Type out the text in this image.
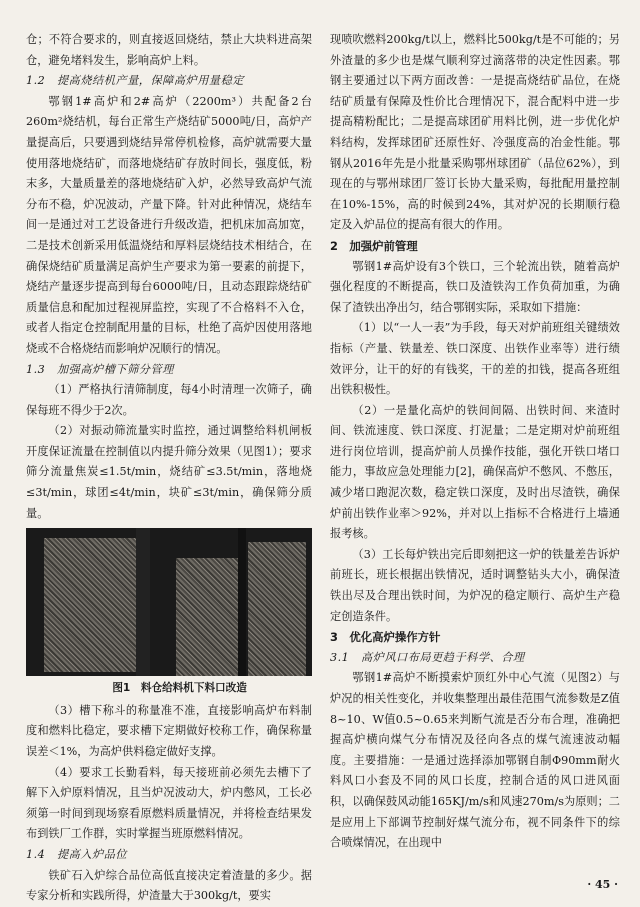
仓；不符合要求的，则直接返回烧结，禁止大块料进高架仓，避免堵料发生，影响高炉上料。

1.2　提高烧结机产量，保障高炉用量稳定

鄂钢1#高炉和2#高炉（2200m³）共配备2台260m²烧结机，每台正常生产烧结矿5000吨/日，高炉产量提高后，只要遇到烧结异常停机检修，高炉就需要大量使用落地烧结矿，而落地烧结矿存放时间长，强度低，粉末多，大量质量差的落地烧结矿入炉，必然导致高炉气流分布不稳，炉况波动，产量下降。针对此种情况，烧结车间一是通过对工艺设备进行升级改造，把机床加高加宽，二是技术创新采用低温烧结和厚料层烧结技术相结合，在确保烧结矿质量满足高炉生产要求为第一要素的前提下，烧结产量逐步提高到每台6000吨/日，且动态跟踪烧结矿质量信息和配加过程视屏监控，实现了不合格料不入仓，或者人指定仓控制配用量的目标，杜绝了高炉因使用落地烧或不合格烧结而影响炉况顺行的情况。

1.3　加强高炉槽下筛分管理

（1）严格执行清筛制度，每4小时清理一次筛子，确保每班不得少于2次。

（2）对振动筛流量实时监控，通过调整给料机闸板开度保证流量在控制值以内提升筛分效果（见图1）；要求筛分流量焦炭≤1.5t/min，烧结矿≤3.5t/min，落地烧≤3t/min，球团≤4t/min，块矿≤3t/min，确保筛分质量。

图1　料仓给料机下料口改造

（3）槽下称斗的称量准不准，直接影响高炉布料制度和燃料比稳定，要求槽下定期做好校称工作，确保称量误差＜1%，为高炉供料稳定做好支撑。

（4）要求工长勤看料，每天接班前必须先去槽下了解下入炉原料情况，且当炉况波动大，炉内憋风，工长必须第一时间到现场察看原燃料质量情况，并将检查结果发布到铁厂工作群，实时掌握当班原燃料情况。

1.4　提高入炉品位

铁矿石入炉综合品位高低直接决定着渣量的多少。据专家分析和实践所得，炉渣量大于300kg/t，要实

现喷吹燃料200kg/t以上，燃料比500kg/t是不可能的；另外渣量的多少也是煤气顺利穿过滴落带的决定性因素。鄂钢主要通过以下两方面改善：一是提高烧结矿品位，在烧结矿质量有保障及性价比合理情况下，混合配料中进一步提高精粉配比；二是提高球团矿用料比例，进一步优化炉料结构，发挥球团矿还原性好、冷强度高的冶金性能。鄂钢从2016年先是小批量采购鄂州球团矿（品位62%），到现在的与鄂州球团厂签订长协大量采购，每批配用量控制在10%-15%，高的时候到24%，其对炉况的长期顺行稳定及入炉品位的提高有很大的作用。

2　加强炉前管理

鄂钢1#高炉设有3个铁口，三个轮流出铁，随着高炉强化程度的不断提高，铁口及渣铁沟工作负荷加重，为确保了渣铁出净出匀，结合鄂钢实际，采取如下措施：

（1）以“一人一表”为手段，每天对炉前班组关键绩效指标（产量、铁量差、铁口深度、出铁作业率等）进行绩效评分，让干的好的有钱奖，干的差的扣钱，提高各班组出铁积极性。

（2）一是量化高炉的铁间间隔、出铁时间、来渣时间、铁流速度、铁口深度、打泥量；二是定期对炉前班组进行岗位培训，提高炉前人员操作技能，强化开铁口堵口能力，事故应急处理能力[2]，确保高炉不憋风、不憋压，减少堵口跑泥次数，稳定铁口深度，及时出尽渣铁，确保炉前出铁作业率＞92%，并对以上指标不合格进行上墙通报考核。

（3）工长每炉铁出完后即刻把这一炉的铁量差告诉炉前班长，班长根据出铁情况，适时调整钻头大小，确保渣铁出尽及合理出铁时间，为炉况的稳定顺行、高炉生产稳定创造条件。

3　优化高炉操作方针

3.1　高炉风口布局更趋于科学、合理

鄂钢1#高炉不断摸索炉顶红外中心气流（见图2）与炉况的相关性变化，并收集整理出最佳范围气流参数是Z值8~10、W值0.5~0.65来判断气流是否分布合理，准确把握高炉横向煤气分布情况及径向各点的煤气流速波动幅度。主要措施：一是通过选择添加鄂钢自制Φ90mm耐火料风口小套及不同的风口长度，控制合适的风口进风面积，以确保鼓风动能165KJ/m/s和风速270m/s为原则；二是应用上下部调节控制好煤气流分布，视不同条件下的综合喷煤情况，在出现中

· 45 ·
